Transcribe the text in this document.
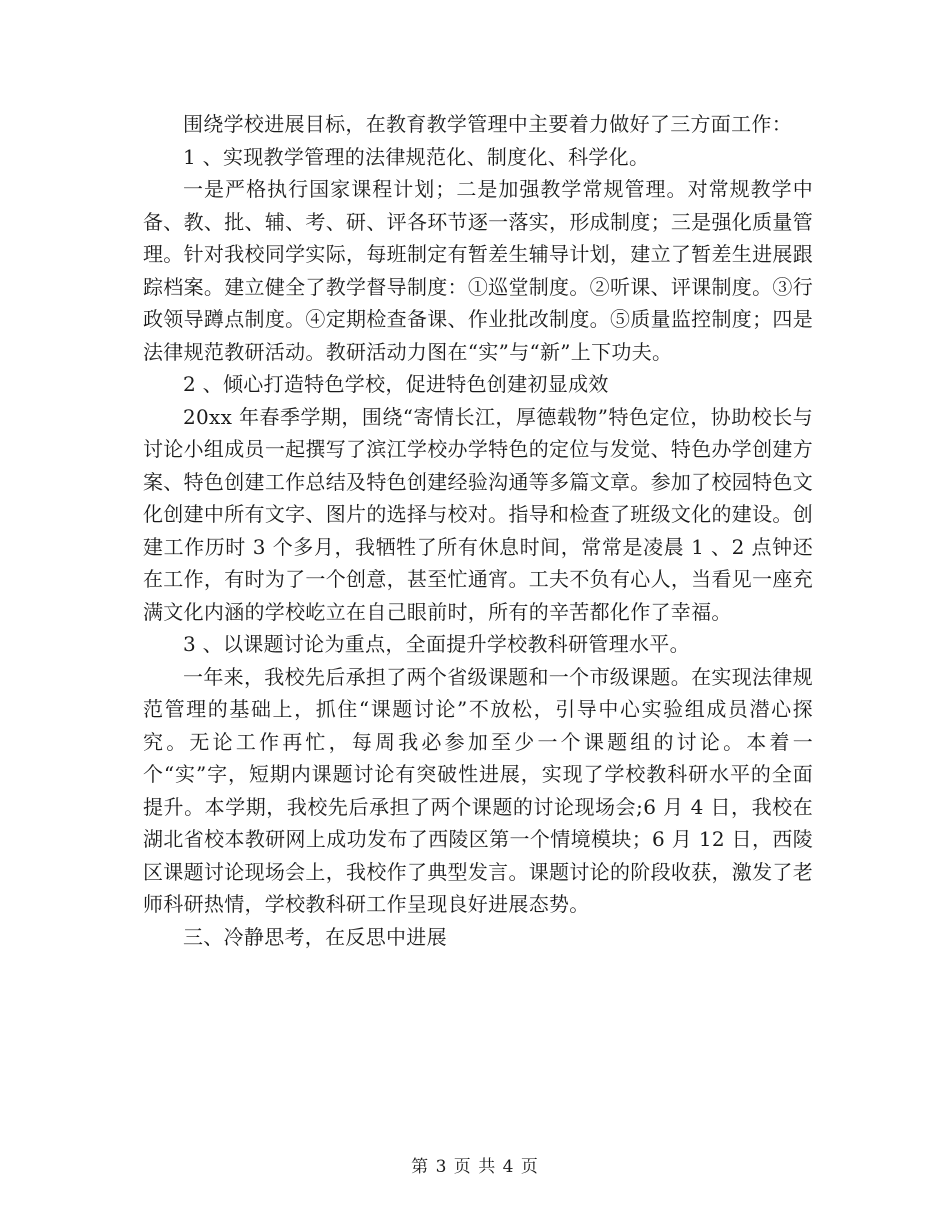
围绕学校进展目标，在教育教学管理中主要着力做好了三方面工作：

1 、实现教学管理的法律规范化、制度化、科学化。

一是严格执行国家课程计划；二是加强教学常规管理。对常规教学中备、教、批、辅、考、研、评各环节逐一落实，形成制度；三是强化质量管理。针对我校同学实际，每班制定有暂差生辅导计划，建立了暂差生进展跟踪档案。建立健全了教学督导制度：①巡堂制度。②听课、评课制度。③行政领导蹲点制度。④定期检查备课、作业批改制度。⑤质量监控制度；四是法律规范教研活动。教研活动力图在“实”与“新”上下功夫。

2 、倾心打造特色学校，促进特色创建初显成效

20xx 年春季学期，围绕“寄情长江，厚德载物”特色定位，协助校长与讨论小组成员一起撰写了滨江学校办学特色的定位与发觉、特色办学创建方案、特色创建工作总结及特色创建经验沟通等多篇文章。参加了校园特色文化创建中所有文字、图片的选择与校对。指导和检查了班级文化的建设。创建工作历时 3 个多月，我牺牲了所有休息时间，常常是凌晨 1 、2 点钟还在工作，有时为了一个创意，甚至忙通宵。工夫不负有心人，当看见一座充满文化内涵的学校屹立在自己眼前时，所有的辛苦都化作了幸福。

3 、以课题讨论为重点，全面提升学校教科研管理水平。

一年来，我校先后承担了两个省级课题和一个市级课题。在实现法律规范管理的基础上，抓住“课题讨论”不放松，引导中心实验组成员潜心探究。无论工作再忙，每周我必参加至少一个课题组的讨论。本着一个“实”字，短期内课题讨论有突破性进展，实现了学校教科研水平的全面提升。本学期，我校先后承担了两个课题的讨论现场会;6 月 4 日，我校在湖北省校本教研网上成功发布了西陵区第一个情境模块；6 月 12 日，西陵区课题讨论现场会上，我校作了典型发言。课题讨论的阶段收获，激发了老师科研热情，学校教科研工作呈现良好进展态势。

三、冷静思考，在反思中进展

第 3 页 共 4 页
